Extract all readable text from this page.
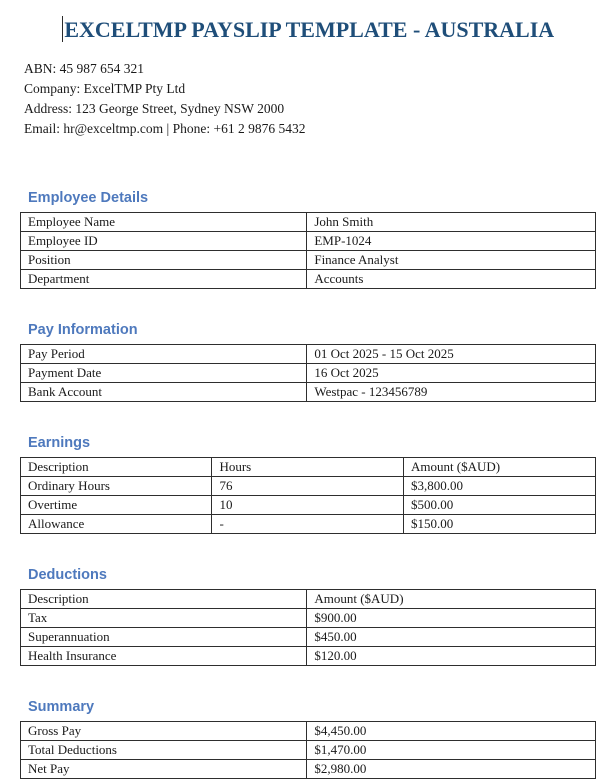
EXCELTMP PAYSLIP TEMPLATE - AUSTRALIA
ABN: 45 987 654 321
Company: ExcelTMP Pty Ltd
Address: 123 George Street, Sydney NSW 2000
Email: hr@exceltmp.com | Phone: +61 2 9876 5432
Employee Details
Employee Name	John Smith
Employee ID	EMP-1024
Position	Finance Analyst
Department	Accounts
Pay Information
Pay Period	01 Oct 2025 - 15 Oct 2025
Payment Date	16 Oct 2025
Bank Account	Westpac - 123456789
Earnings
Description	Hours	Amount ($AUD)
Ordinary Hours	76	$3,800.00
Overtime	10	$500.00
Allowance	-	$150.00
Deductions
Description	Amount ($AUD)
Tax	$900.00
Superannuation	$450.00
Health Insurance	$120.00
Summary
Gross Pay	$4,450.00
Total Deductions	$1,470.00
Net Pay	$2,980.00
